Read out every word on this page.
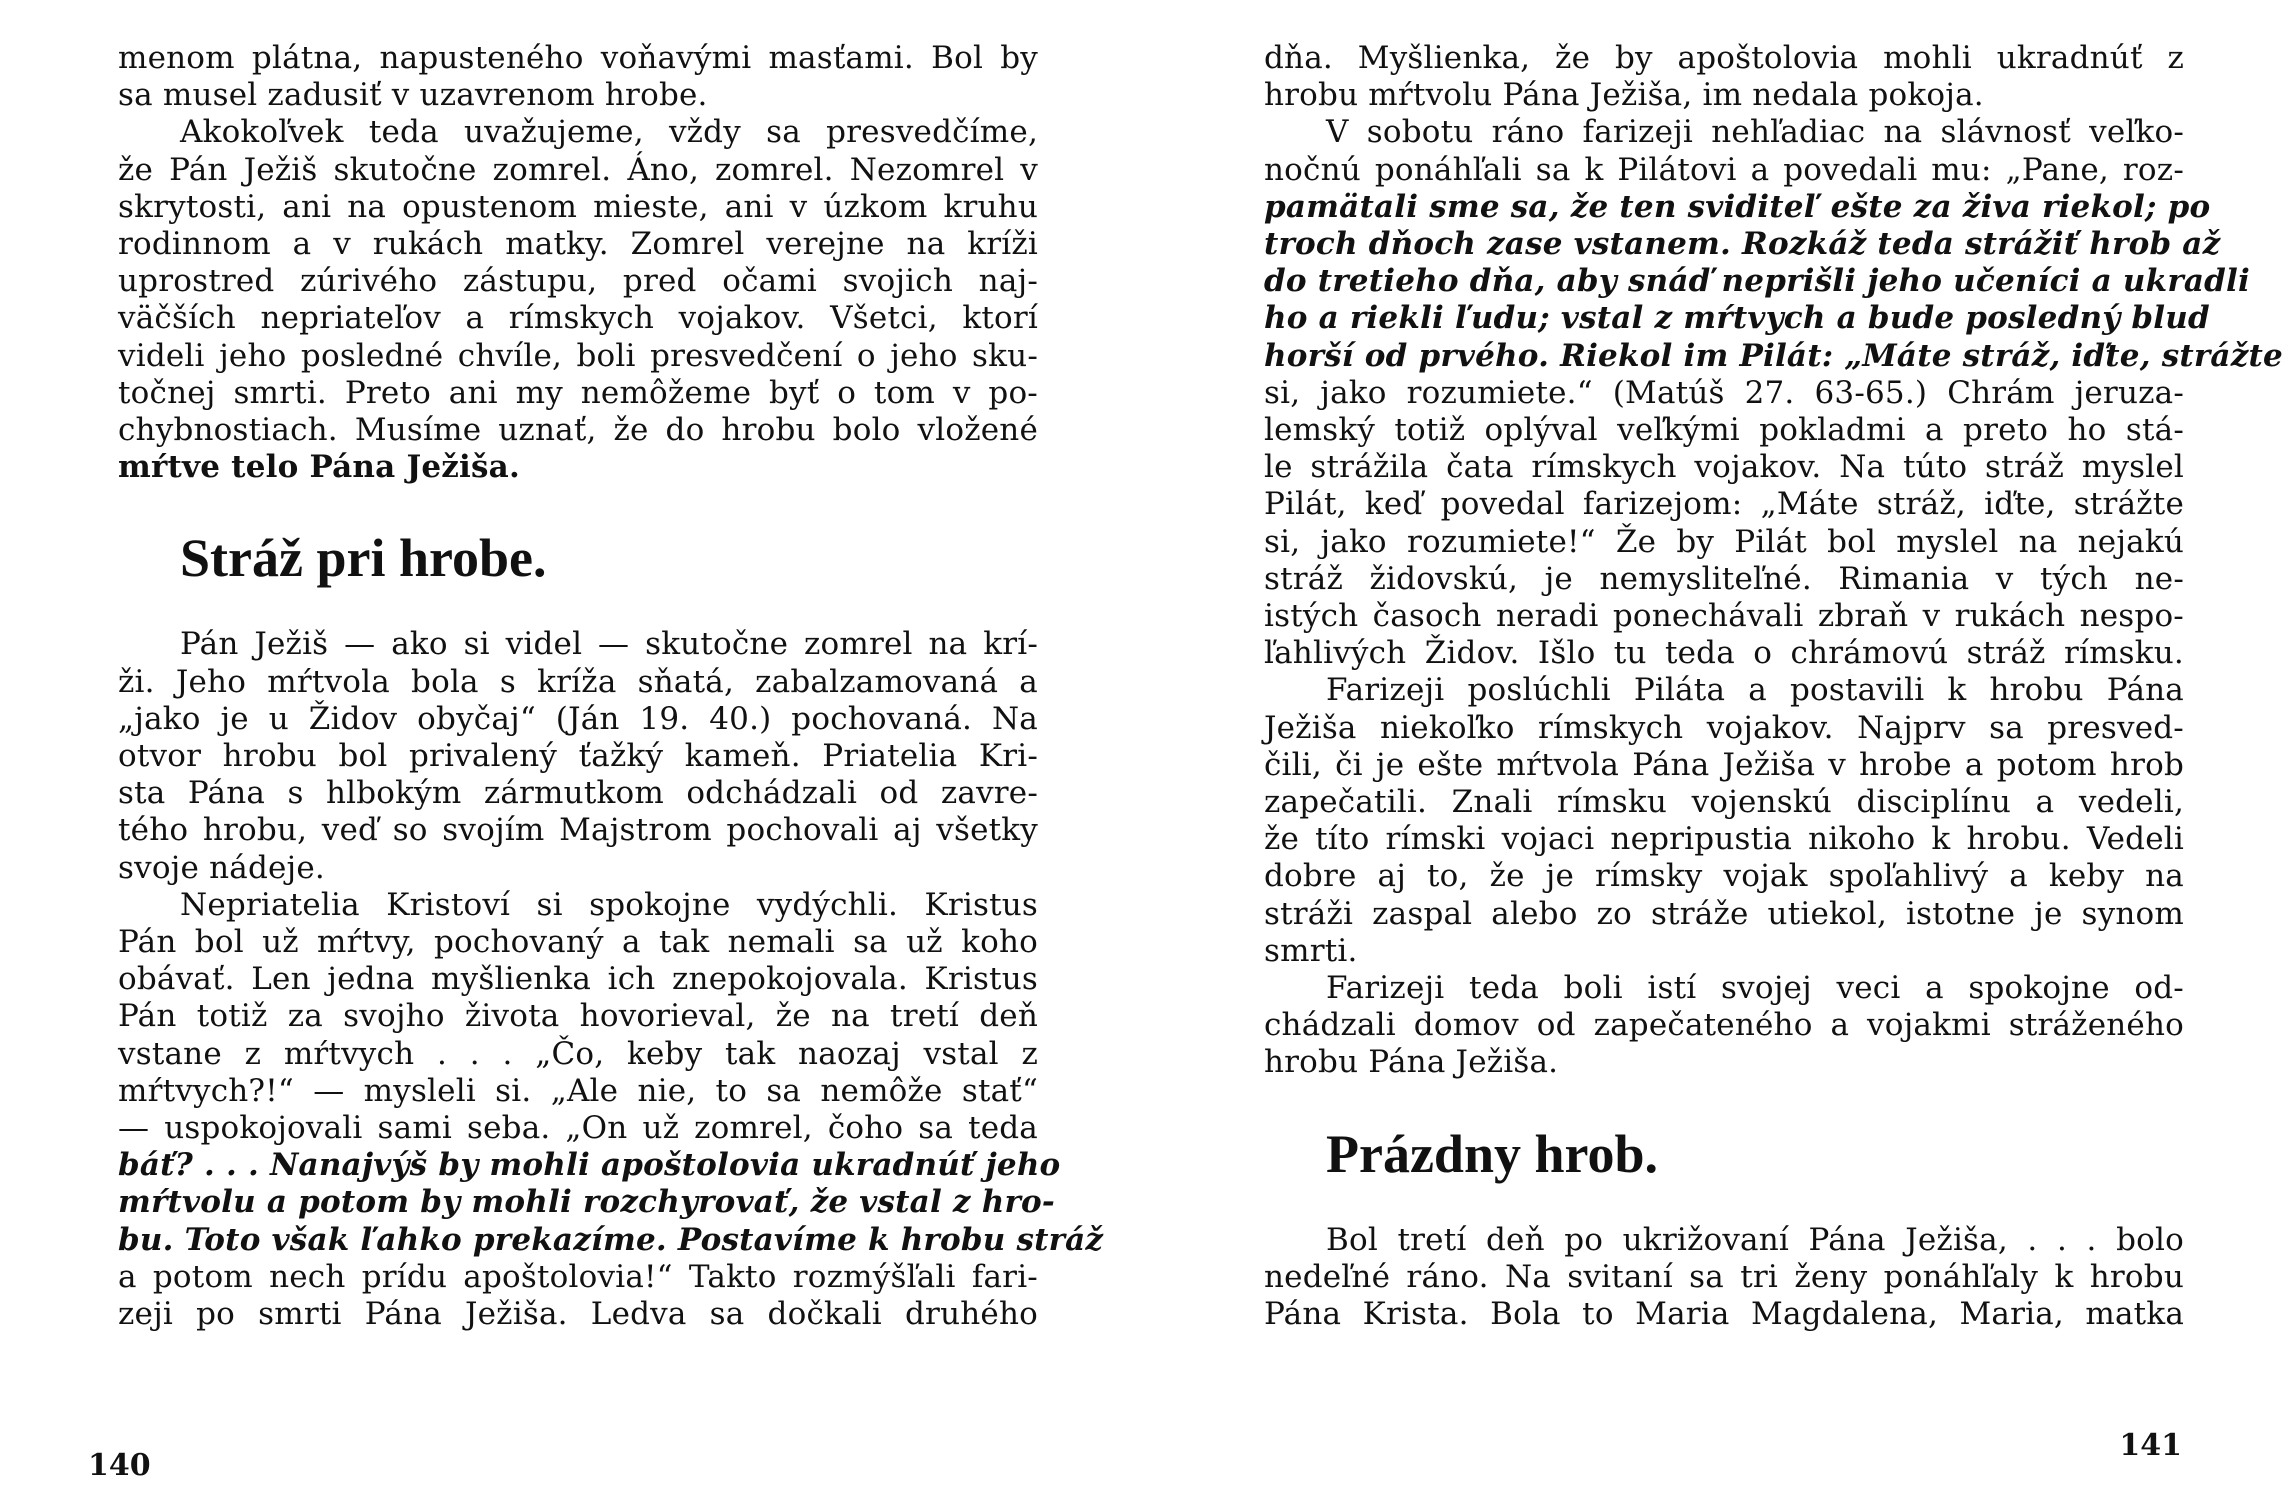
menom plátna, napusteného voňavými masťami. Bol by
sa musel zadusiť v uzavrenom hrobe.
Akokoľvek teda uvažujeme, vždy sa presvedčíme,
že Pán Ježiš skutočne zomrel. Áno, zomrel. Nezomrel v
skrytosti, ani na opustenom mieste, ani v úzkom kruhu
rodinnom a v rukách matky. Zomrel verejne na kríži
uprostred zúrivého zástupu, pred očami svojich naj-
väčších nepriateľov a rímskych vojakov. Všetci, ktorí
videli jeho posledné chvíle, boli presvedčení o jeho sku-
točnej smrti. Preto ani my nemôžeme byť o tom v po-
chybnostiach. Musíme uznať, že do hrobu bolo vložené
mŕtve telo Pána Ježiša.
Stráž pri hrobe.
Pán Ježiš — ako si videl — skutočne zomrel na krí-
ži. Jeho mŕtvola bola s kríža sňatá, zabalzamovaná a
„jako je u Židov obyčaj“ (Ján 19. 40.) pochovaná. Na
otvor hrobu bol privalený ťažký kameň. Priatelia Kri-
sta Pána s hlbokým zármutkom odchádzali od zavre-
tého hrobu, veď so svojím Majstrom pochovali aj všetky
svoje nádeje.
Nepriatelia Kristoví si spokojne vydýchli. Kristus
Pán bol už mŕtvy, pochovaný a tak nemali sa už koho
obávať. Len jedna myšlienka ich znepokojovala. Kristus
Pán totiž za svojho života hovorieval, že na tretí deň
vstane z mŕtvych . . . „Čo, keby tak naozaj vstal z
mŕtvych?!“ — mysleli si. „Ale nie, to sa nemôže stať“
— uspokojovali sami seba. „On už zomrel, čoho sa teda
báť? . . . Nanajvýš by mohli apoštolovia ukradnúť jeho
mŕtvolu a potom by mohli rozchyrovať, že vstal z hro-
bu. Toto však ľahko prekazíme. Postavíme k hrobu stráž
a potom nech prídu apoštolovia!“ Takto rozmýšľali fari-
zeji po smrti Pána Ježiša. Ledva sa dočkali druhého
140
dňa. Myšlienka, že by apoštolovia mohli ukradnúť z
hrobu mŕtvolu Pána Ježiša, im nedala pokoja.
V sobotu ráno farizeji nehľadiac na slávnosť veľko-
nočnú ponáhľali sa k Pilátovi a povedali mu: „Pane, roz-
pamätali sme sa, že ten sviditeľ ešte za živa riekol; po
troch dňoch zase vstanem. Rozkáž teda strážiť hrob až
do tretieho dňa, aby snáď neprišli jeho učeníci a ukradli
ho a riekli ľudu; vstal z mŕtvych a bude posledný blud
horší od prvého. Riekol im Pilát: „Máte stráž, iďte, strážte
si, jako rozumiete.“ (Matúš 27. 63-65.) Chrám jeruza-
lemský totiž oplýval veľkými pokladmi a preto ho stá-
le strážila čata rímskych vojakov. Na túto stráž myslel
Pilát, keď povedal farizejom: „Máte stráž, iďte, strážte
si, jako rozumiete!“ Že by Pilát bol myslel na nejakú
stráž židovskú, je nemysliteľné. Rimania v tých ne-
istých časoch neradi ponechávali zbraň v rukách nespo-
ľahlivých Židov. Išlo tu teda o chrámovú stráž rímsku.
Farizeji poslúchli Piláta a postavili k hrobu Pána
Ježiša niekoľko rímskych vojakov. Najprv sa presved-
čili, či je ešte mŕtvola Pána Ježiša v hrobe a potom hrob
zapečatili. Znali rímsku vojenskú disciplínu a vedeli,
že títo rímski vojaci nepripustia nikoho k hrobu. Vedeli
dobre aj to, že je rímsky vojak spoľahlivý a keby na
stráži zaspal alebo zo stráže utiekol, istotne je synom
smrti.
Farizeji teda boli istí svojej veci a spokojne od-
chádzali domov od zapečateného a vojakmi stráženého
hrobu Pána Ježiša.
Prázdny hrob.
Bol tretí deň po ukrižovaní Pána Ježiša, . . . bolo
nedeľné ráno. Na svitaní sa tri ženy ponáhľaly k hrobu
Pána Krista. Bola to Maria Magdalena, Maria, matka
141
